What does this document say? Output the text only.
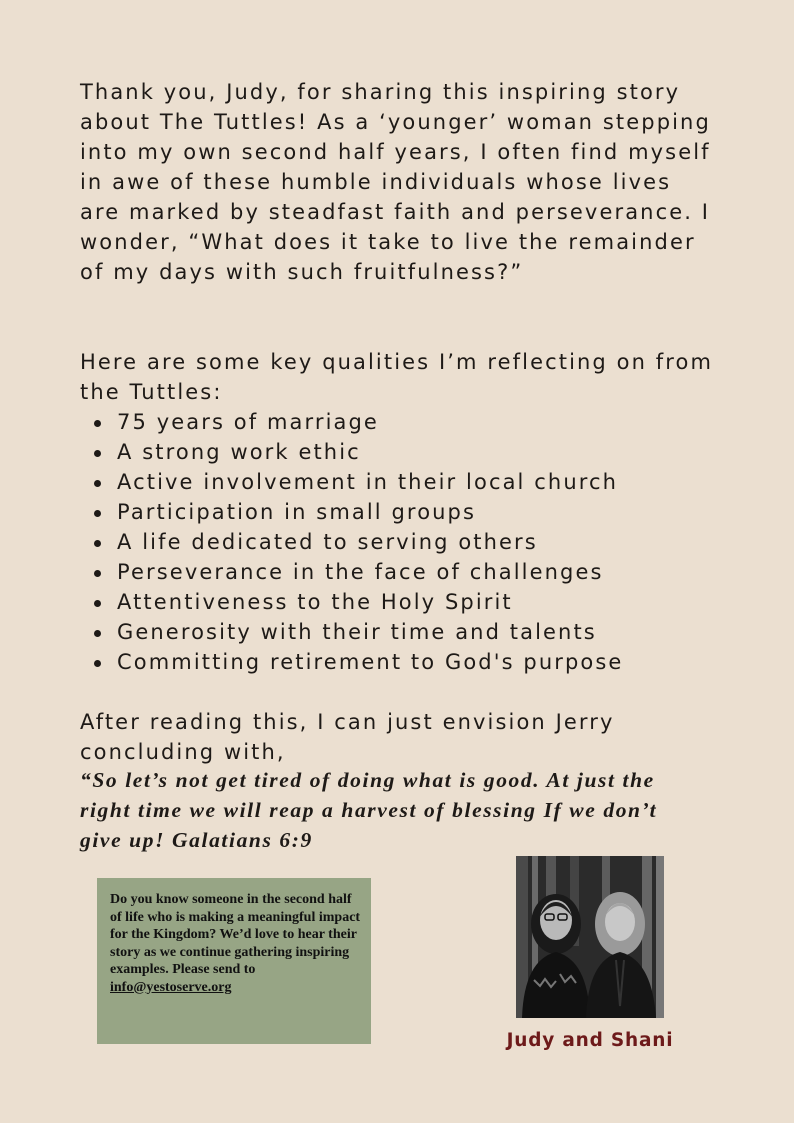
Thank you, Judy, for sharing this inspiring story about The Tuttles! As a ‘younger’ woman stepping into my own second half years, I often find myself in awe of these humble individuals whose lives are marked by steadfast faith and perseverance. I wonder, “What does it take to live the remainder of my days with such fruitfulness?”

Here are some key qualities I’m reflecting on from the Tuttles:

75 years of marriage
A strong work ethic
Active involvement in their local church
Participation in small groups
A life dedicated to serving others
Perseverance in the face of challenges
Attentiveness to the Holy Spirit
Generosity with their time and talents
Committing retirement to God's purpose

After reading this, I can just envision Jerry concluding with,

“So let’s not get tired of doing what is good. At just the
right time we will reap a harvest of blessing If we don’t
give up! Galatians 6:9

Do you know someone in the second half of life who is making a meaningful impact for the Kingdom? We’d love to hear their story as we continue gathering inspiring examples. Please send to info@yestoserve.org

Judy and Shani
